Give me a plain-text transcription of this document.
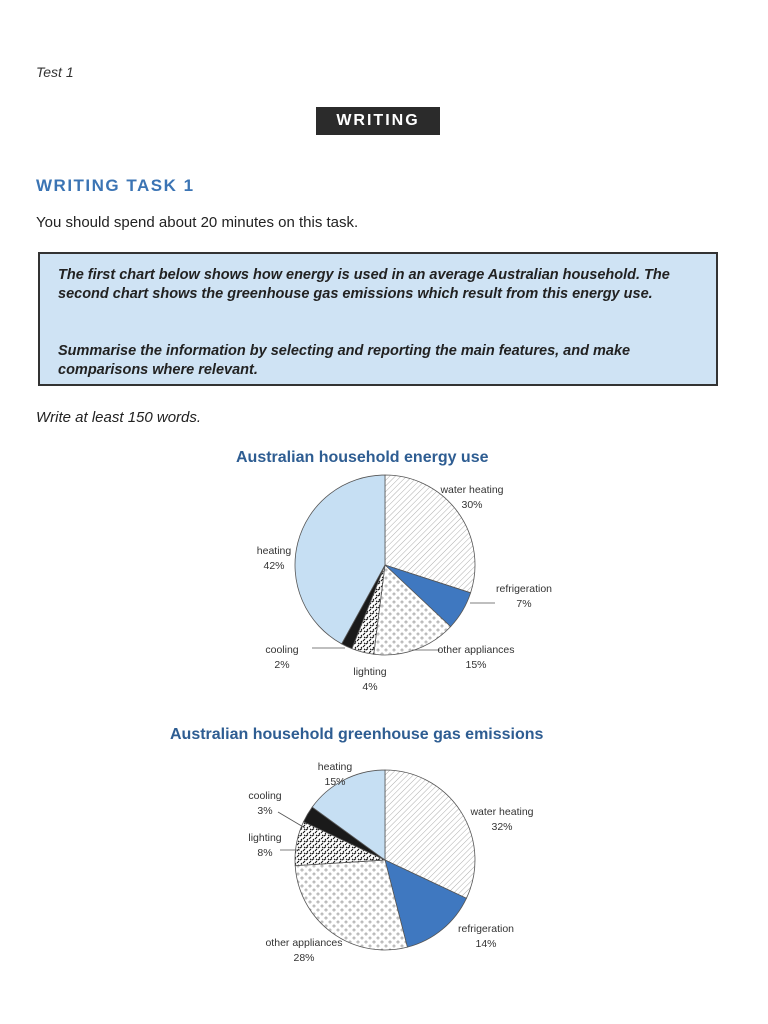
Test 1
WRITING
WRITING TASK 1
You should spend about 20 minutes on this task.

The first chart below shows how energy is used in an average Australian household. The second chart shows the greenhouse gas emissions which result from this energy use.

Summarise the information by selecting and reporting the main features, and make comparisons where relevant.

Write at least 150 words.
Australian household energy use
Australian household greenhouse gas emissions
water heating
30%
refrigeration
7%
other appliances
15%
lighting
4%
cooling
2%
heating
42%
water heating
32%
refrigeration
14%
other appliances
28%
lighting
8%
cooling
3%
heating
15%
